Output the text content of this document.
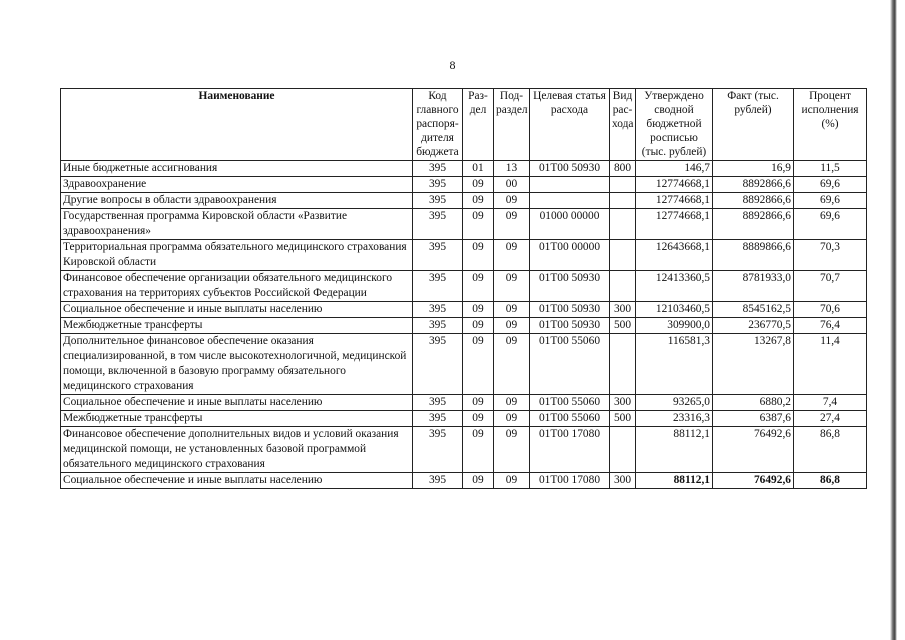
8
Наименование	Код главного распоря-дителя бюджета	Раз-дел	Под-раздел	Целевая статья расхода	Вид рас-хода	Утверждено сводной бюджетной росписью (тыс. рублей)	Факт (тыс. рублей)	Процент исполнения (%)
Иные бюджетные ассигнования	395	01	13	01Т00 50930	800	146,7	16,9	11,5
Здравоохранение	395	09	00			12774668,1	8892866,6	69,6
Другие вопросы в области здравоохранения	395	09	09			12774668,1	8892866,6	69,6
Государственная программа Кировской области «Развитие здравоохранения»	395	09	09	01000 00000		12774668,1	8892866,6	69,6
Территориальная программа обязательного медицинского страхования Кировской области	395	09	09	01Т00 00000		12643668,1	8889866,6	70,3
Финансовое обеспечение организации обязательного медицинского страхования на территориях субъектов Российской Федерации	395	09	09	01Т00 50930		12413360,5	8781933,0	70,7
Социальное обеспечение и иные выплаты населению	395	09	09	01Т00 50930	300	12103460,5	8545162,5	70,6
Межбюджетные трансферты	395	09	09	01Т00 50930	500	309900,0	236770,5	76,4
Дополнительное финансовое обеспечение оказания специализированной, в том числе высокотехнологичной, медицинской помощи, включенной в базовую программу обязательного медицинского страхования	395	09	09	01Т00 55060		116581,3	13267,8	11,4
Социальное обеспечение и иные выплаты населению	395	09	09	01Т00 55060	300	93265,0	6880,2	7,4
Межбюджетные трансферты	395	09	09	01Т00 55060	500	23316,3	6387,6	27,4
Финансовое обеспечение дополнительных видов и условий оказания медицинской помощи, не установленных базовой программой обязательного медицинского страхования	395	09	09	01Т00 17080		88112,1	76492,6	86,8
Социальное обеспечение и иные выплаты населению	395	09	09	01Т00 17080	300	88112,1	76492,6	86,8
